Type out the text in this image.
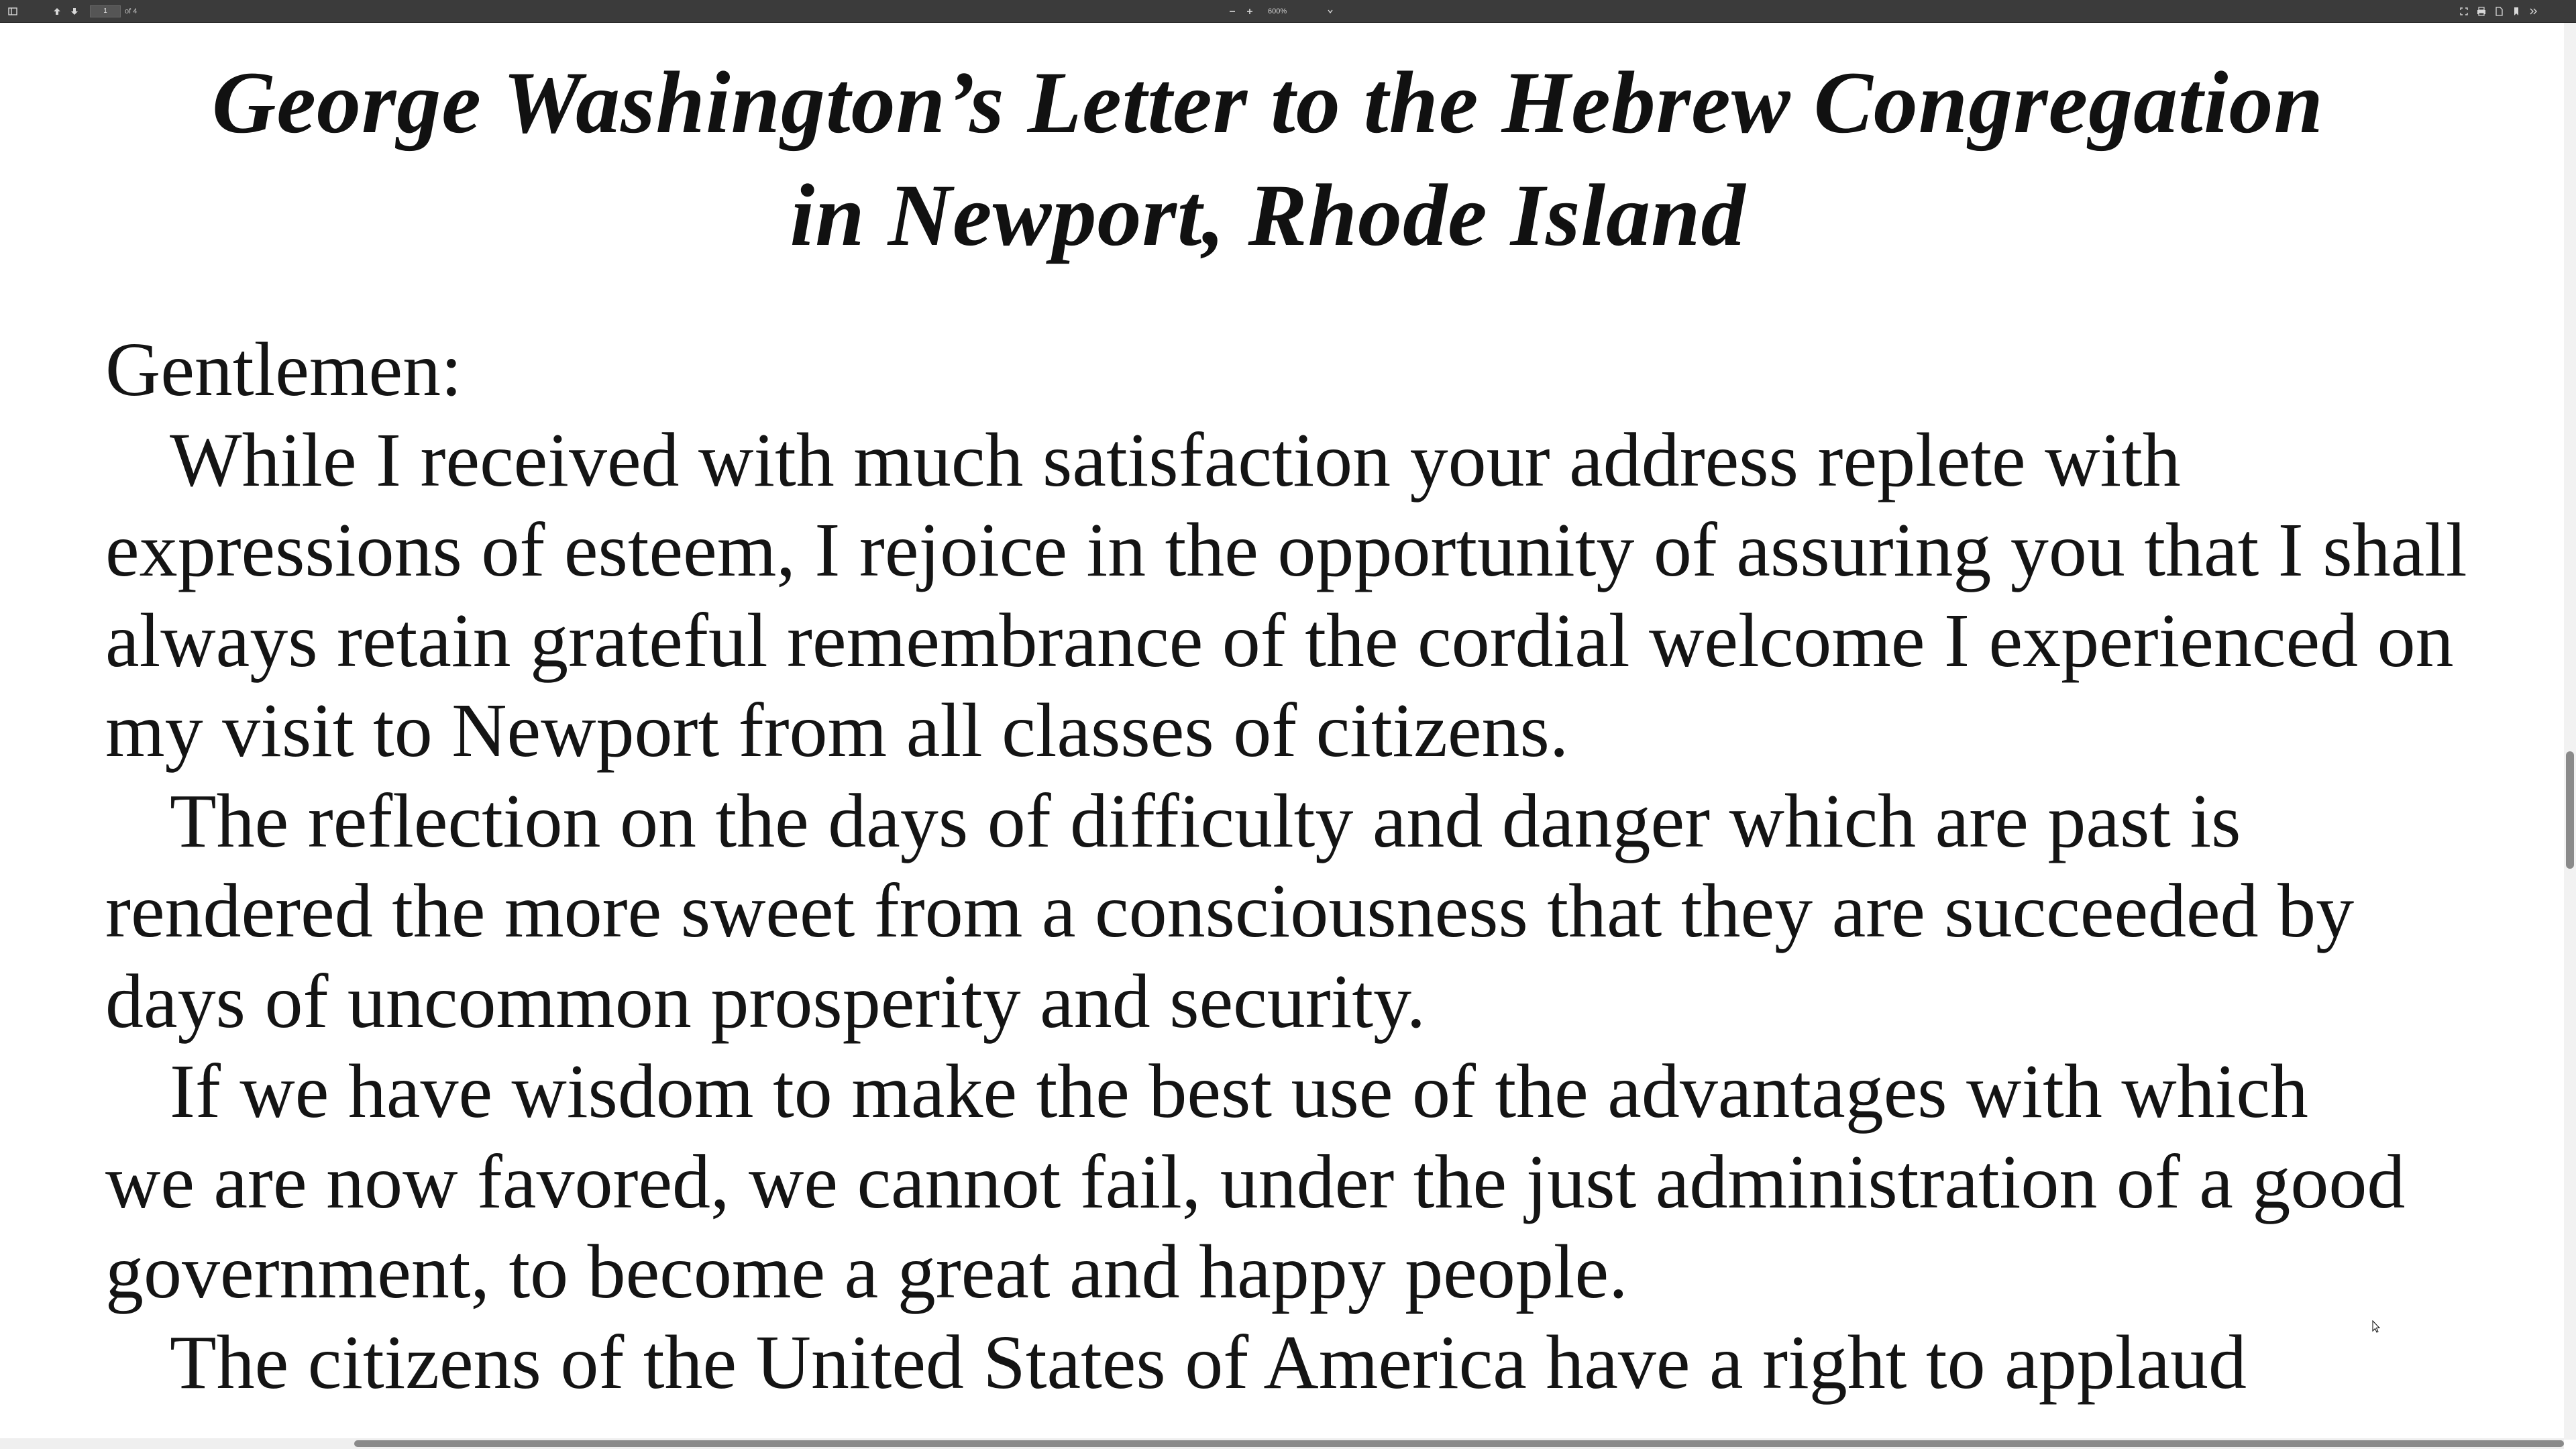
1
of 4	600%
George Washington’s Letter to the Hebrew Congregation
in Newport, Rhode Island
Gentlemen:
While I received with much satisfaction your address replete with
expressions of esteem, I rejoice in the opportunity of assuring you that I shall
always retain grateful remembrance of the cordial welcome I experienced on
my visit to Newport from all classes of citizens.
The reflection on the days of difficulty and danger which are past is
rendered the more sweet from a consciousness that they are succeeded by
days of uncommon prosperity and security.
If we have wisdom to make the best use of the advantages with which
we are now favored, we cannot fail, under the just administration of a good
government, to become a great and happy people.
The citizens of the United States of America have a right to applaud
